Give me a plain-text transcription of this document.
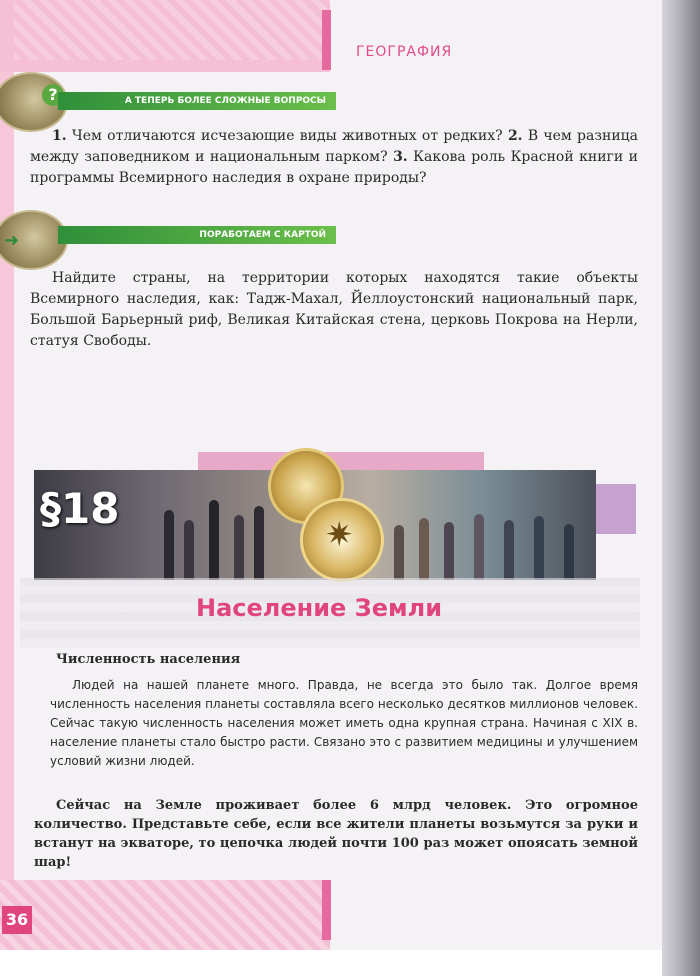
ГЕОГРАФИЯ
?	А ТЕПЕРЬ БОЛЕЕ СЛОЖНЫЕ ВОПРОСЫ

1. Чем отличаются исчезающие виды животных от редких? 2. В чем разница между заповедником и национальным парком? 3. Какова роль Красной книги и программы Всемирного наследия в охране природы?

➜	ПОРАБОТАЕМ С КАРТОЙ

Найдите страны, на территории которых находятся такие объекты Всемирного наследия, как: Тадж-Махал, Йеллоустонский национальный парк, Большой Барьерный риф, Великая Китайская стена, церковь Покрова на Нерли, статуя Свободы.

✷
§18
Население Земли
Численность населения

Людей на нашей планете много. Правда, не всегда это было так. Долгое время численность населения планеты составляла всего несколько десятков миллионов человек. Сейчас такую численность населения может иметь одна крупная страна. Начиная с XIX в. население планеты стало быстро расти. Связано это с развитием медицины и улучшением условий жизни людей.

Сейчас на Земле проживает более 6 млрд человек. Это огромное количество. Представьте себе, если все жители планеты возьмутся за руки и встанут на экваторе, то цепочка людей почти 100 раз может опоясать земной шар!

36
